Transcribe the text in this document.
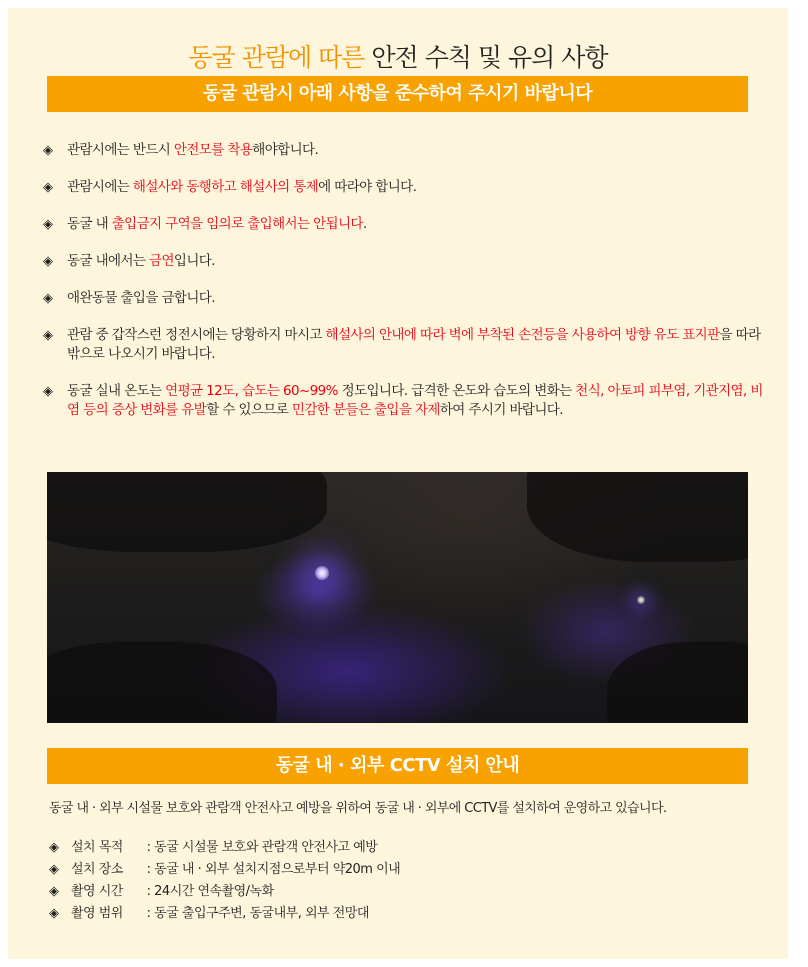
동굴 관람에 따른 안전 수칙 및 유의 사항
동굴 관람시 아래 사항을 준수하여 주시기 바랍니다
◈ 관람시에는 반드시 안전모를 착용해야합니다.
◈ 관람시에는 해설사와 동행하고 해설사의 통제에 따라야 합니다.
◈ 동굴 내 출입금지 구역을 임의로 출입해서는 안됩니다.
◈ 동굴 내에서는 금연입니다.
◈ 애완동물 출입을 금합니다.
◈ 관람 중 갑작스런 정전시에는 당황하지 마시고 해설사의 안내에 따라 벽에 부착된 손전등을 사용하여 방향 유도 표지판을 따라 밖으로 나오시기 바랍니다.
◈ 동굴 실내 온도는 연평균 12도, 습도는 60~99% 정도입니다. 급격한 온도와 습도의 변화는 천식, 아토피 피부염, 기관지염, 비염 등의 증상 변화를 유발할 수 있으므로 민감한 분들은 출입을 자제하여 주시기 바랍니다.
동굴 내 · 외부 CCTV 설치 안내
동굴 내 · 외부 시설물 보호와 관람객 안전사고 예방을 위하여 동굴 내 · 외부에 CCTV를 설치하여 운영하고 있습니다.
◈ 설치 목적 : 동굴 시설물 보호와 관람객 안전사고 예방
◈ 설치 장소 : 동굴 내 · 외부 설치지점으로부터 약20m 이내
◈ 촬영 시간 : 24시간 연속촬영/녹화
◈ 촬영 범위 : 동굴 출입구주변, 동굴내부, 외부 전망대
